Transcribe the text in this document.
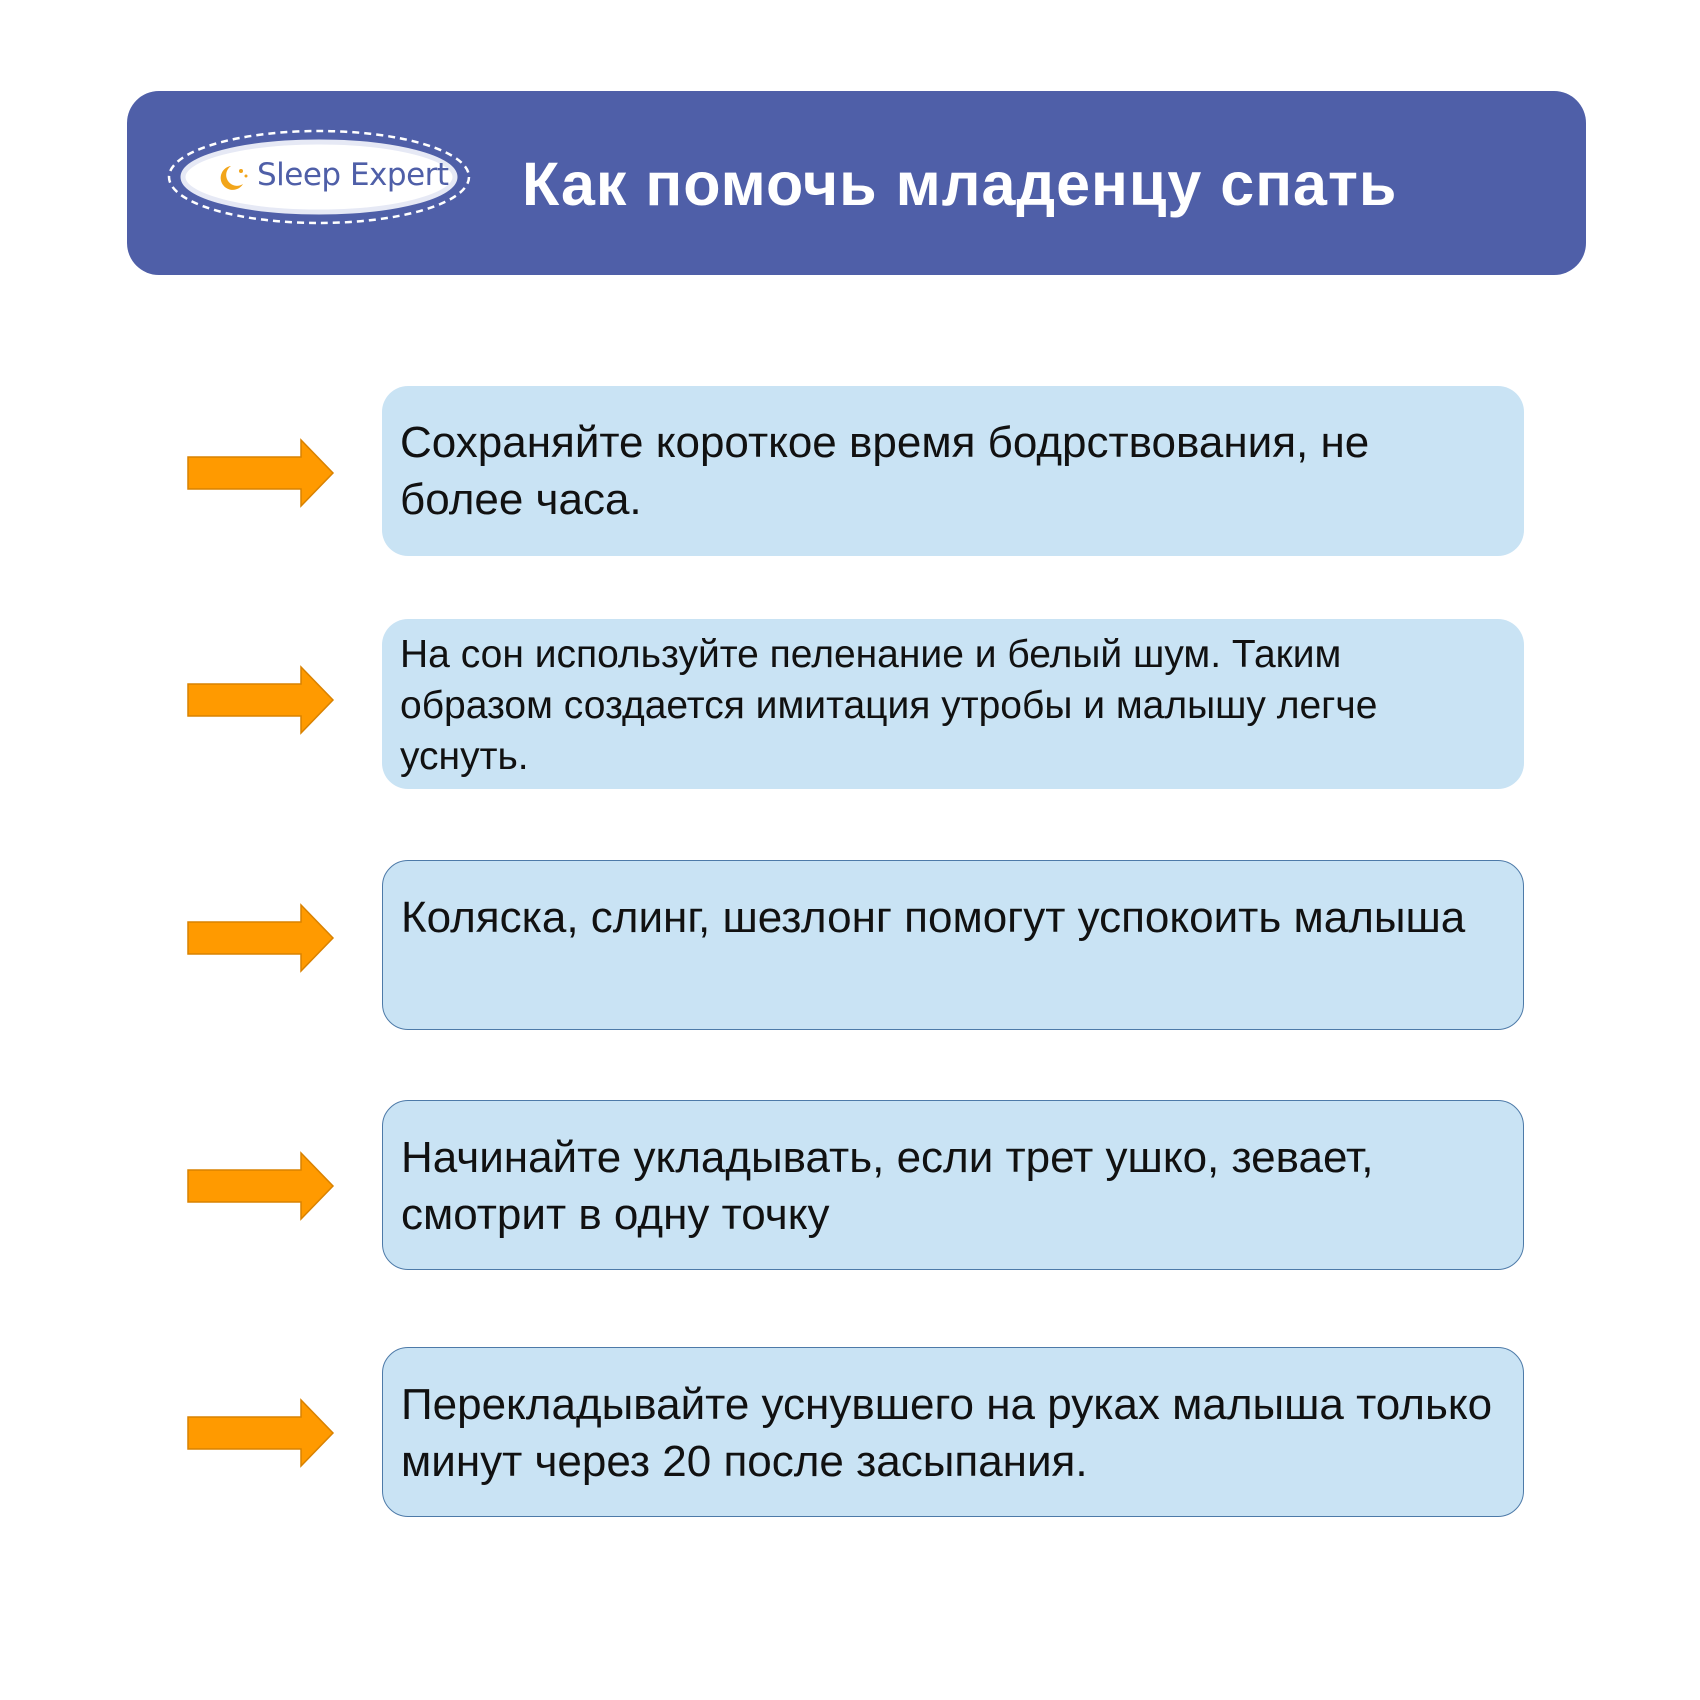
Sleep Expert Как помочь младенцу спать
Сохраняйте короткое время бодрствования, не более часа.
На сон используйте пеленание и белый шум. Таким образом создается имитация утробы и малышу легче уснуть.
Коляска, слинг, шезлонг помогут успокоить малыша
Начинайте укладывать, если трет ушко, зевает, смотрит в одну точку
Перекладывайте уснувшего на руках малыша только минут через 20 после засыпания.
